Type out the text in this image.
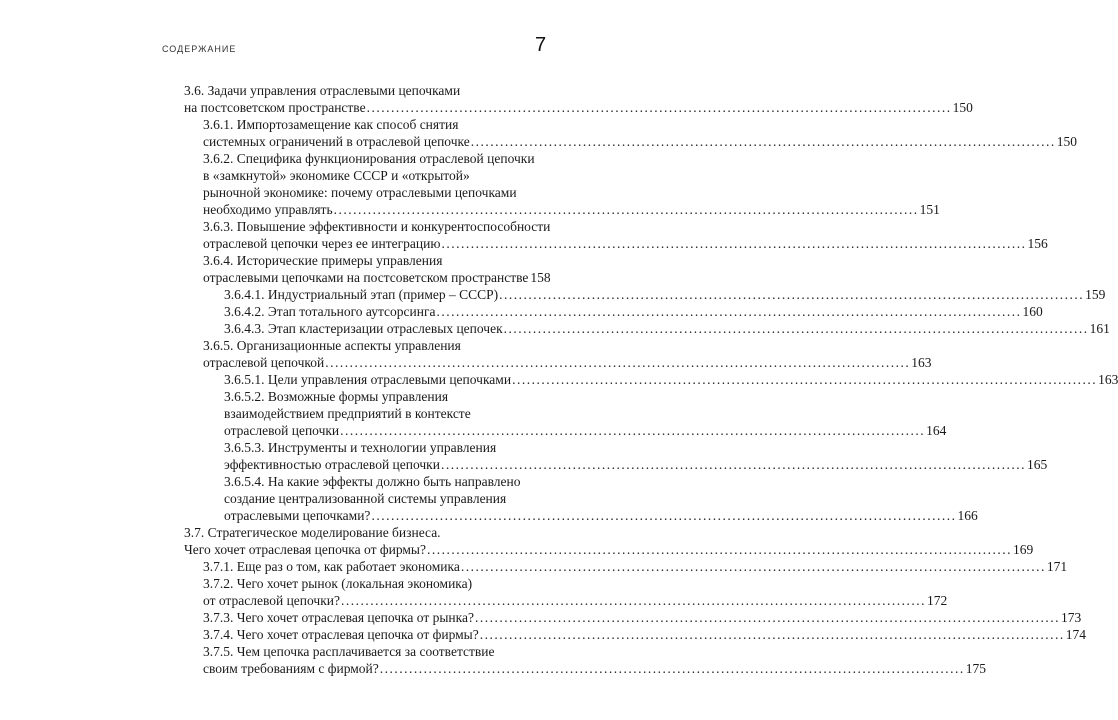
СОДЕРЖАНИЕ	7
3.6. Задачи управления отраслевыми цепочками
на постсоветском пространстве ........................................................................................................................ 150
3.6.1. Импортозамещение как способ снятия
системных ограничений в отраслевой цепочке ........................................................................................................................ 150
3.6.2. Специфика функционирования отраслевой цепочки
в «замкнутой» экономике СССР и «открытой»
рыночной экономике: почему отраслевыми цепочками
необходимо управлять ........................................................................................................................ 151
3.6.3. Повышение эффективности и конкурентоспособности
отраслевой цепочки через ее интеграцию ........................................................................................................................ 156
3.6.4. Исторические примеры управления
отраслевыми цепочками на постсоветском пространстве 158
3.6.4.1. Индустриальный этап (пример – СССР) ........................................................................................................................ 159
3.6.4.2. Этап тотального аутсорсинга ........................................................................................................................ 160
3.6.4.3. Этап кластеризации отраслевых цепочек ........................................................................................................................ 161
3.6.5. Организационные аспекты управления
отраслевой цепочкой ........................................................................................................................ 163
3.6.5.1. Цели управления отраслевыми цепочками ........................................................................................................................ 163
3.6.5.2. Возможные формы управления
взаимодействием предприятий в контексте
отраслевой цепочки ........................................................................................................................ 164
3.6.5.3. Инструменты и технологии управления
эффективностью отраслевой цепочки ........................................................................................................................ 165
3.6.5.4. На какие эффекты должно быть направлено
создание централизованной системы управления
отраслевыми цепочками? ........................................................................................................................ 166
3.7. Стратегическое моделирование бизнеса.
Чего хочет отраслевая цепочка от фирмы? ........................................................................................................................ 169
3.7.1. Еще раз о том, как работает экономика ........................................................................................................................ 171
3.7.2. Чего хочет рынок (локальная экономика)
от отраслевой цепочки? ........................................................................................................................ 172
3.7.3. Чего хочет отраслевая цепочка от рынка? ........................................................................................................................ 173
3.7.4. Чего хочет отраслевая цепочка от фирмы? ........................................................................................................................ 174
3.7.5. Чем цепочка расплачивается за соответствие
своим требованиям с фирмой? ........................................................................................................................ 175
